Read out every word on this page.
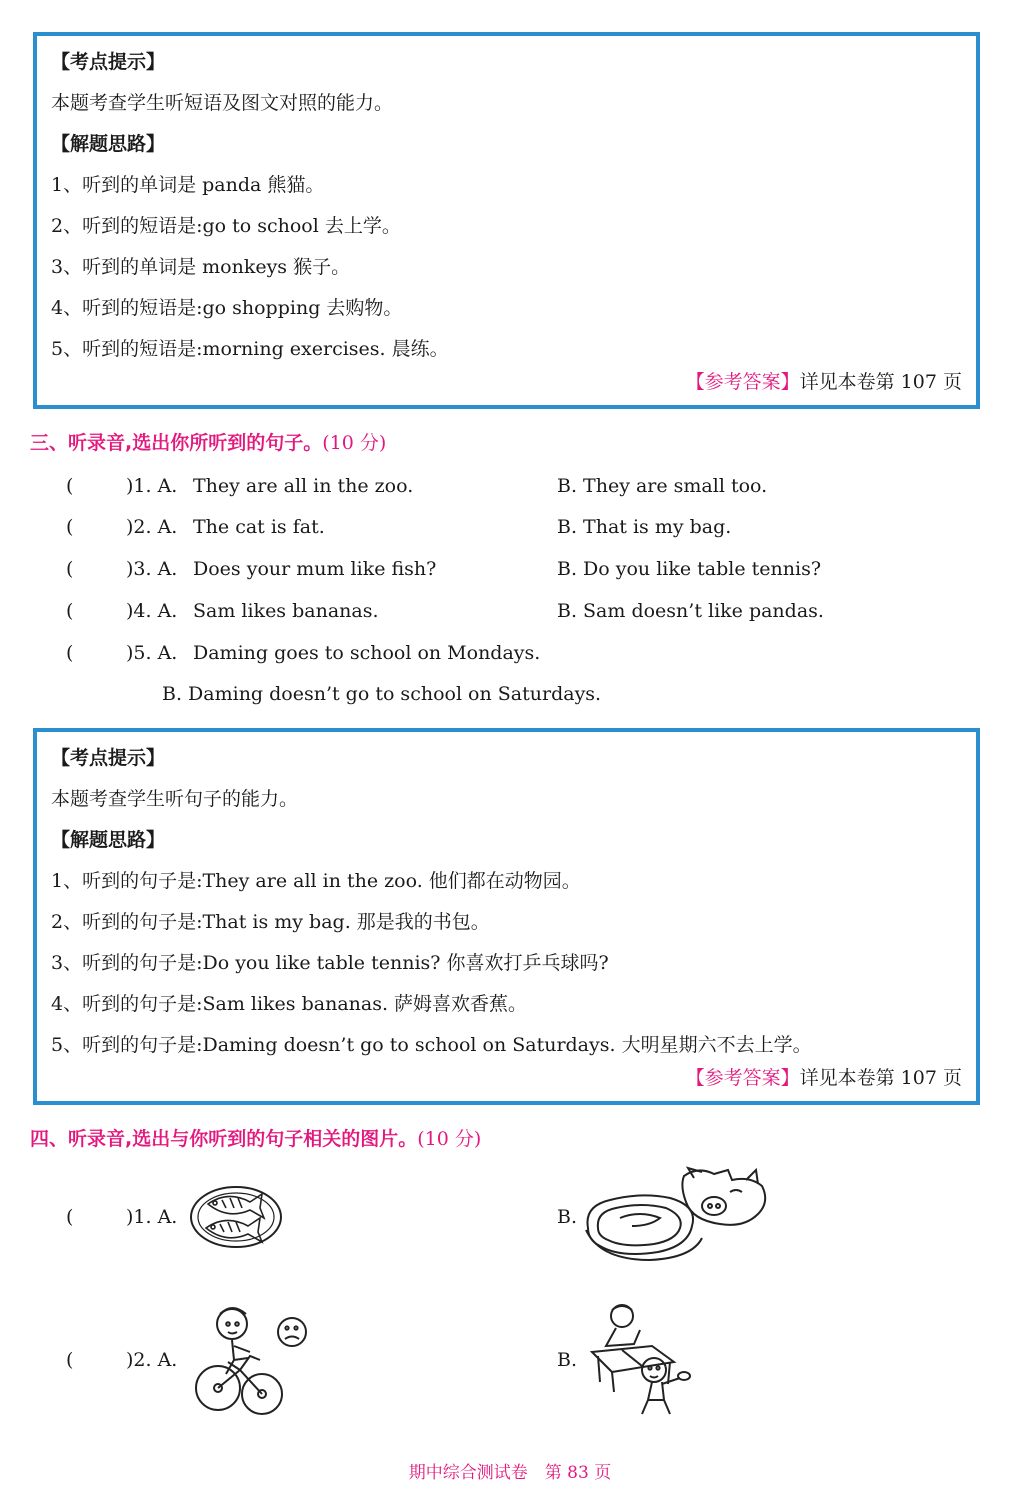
【考点提示】
本题考查学生听短语及图文对照的能力。
【解题思路】
1、听到的单词是 panda 熊猫。
2、听到的短语是:go to school 去上学。
3、听到的单词是 monkeys 猴子。
4、听到的短语是:go shopping 去购物。
5、听到的短语是:morning exercises. 晨练。
【参考答案】详见本卷第 107 页
三、听录音,选出你所听到的句子。(10 分)
(	)1. A. They are all in the zoo.	B. They are small too.
(	)2. A. The cat is fat.	B. That is my bag.
(	)3. A. Does your mum like fish?	B. Do you like table tennis?
(	)4. A. Sam likes bananas.	B. Sam doesn’t like pandas.
(	)5. A. Daming goes to school on Mondays.
B. Daming doesn’t go to school on Saturdays.
【考点提示】
本题考查学生听句子的能力。
【解题思路】
1、听到的句子是:They are all in the zoo. 他们都在动物园。
2、听到的句子是:That is my bag. 那是我的书包。
3、听到的句子是:Do you like table tennis? 你喜欢打乒乓球吗?
4、听到的句子是:Sam likes bananas. 萨姆喜欢香蕉。
5、听到的句子是:Daming doesn’t go to school on Saturdays. 大明星期六不去上学。
【参考答案】详见本卷第 107 页
四、听录音,选出与你听到的句子相关的图片。(10 分)
(	)1. A.	B.
(	)2. A.	B.
期中综合测试卷　第 83 页
